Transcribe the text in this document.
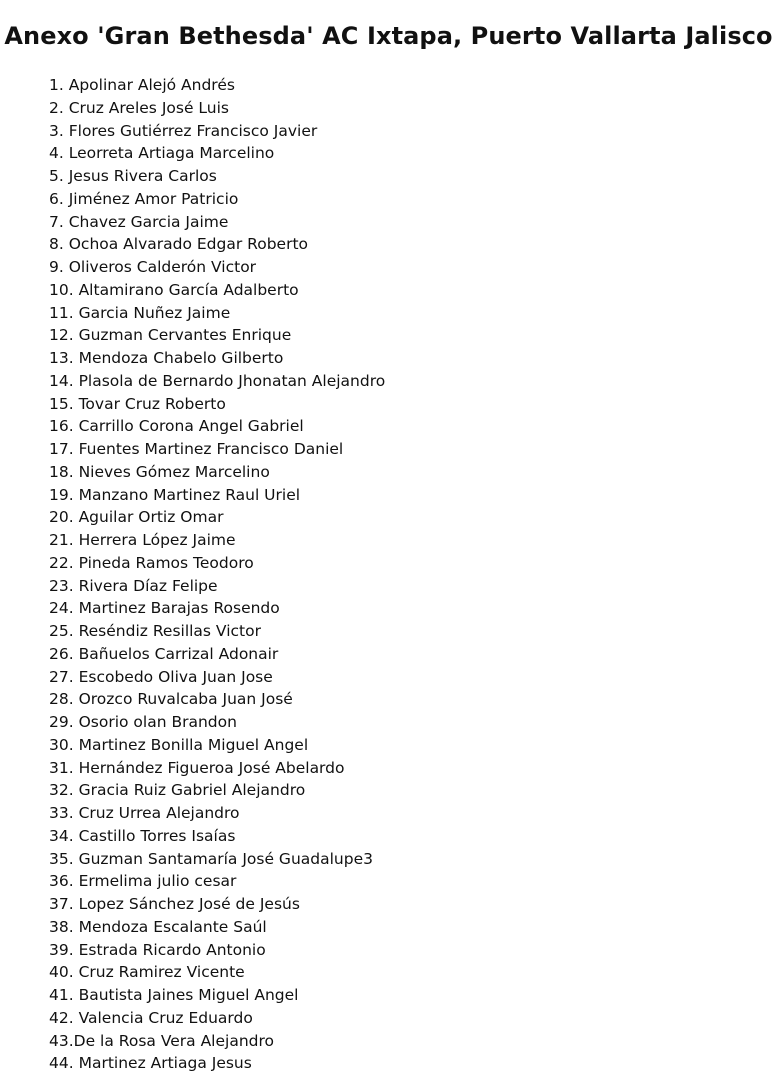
Anexo 'Gran Bethesda' AC Ixtapa, Puerto Vallarta Jalisco
1. Apolinar Alejó Andrés
2. Cruz Areles José Luis
3. Flores Gutiérrez Francisco Javier
4. Leorreta Artiaga Marcelino
5. Jesus Rivera Carlos
6. Jiménez Amor Patricio
7. Chavez Garcia Jaime
8. Ochoa Alvarado Edgar Roberto
9. Oliveros Calderón Victor
10. Altamirano García Adalberto
11. Garcia Nuñez Jaime
12. Guzman Cervantes Enrique
13. Mendoza Chabelo Gilberto
14. Plasola de Bernardo Jhonatan Alejandro
15. Tovar Cruz Roberto
16. Carrillo Corona Angel Gabriel
17. Fuentes Martinez Francisco Daniel
18. Nieves Gómez Marcelino
19. Manzano Martinez Raul Uriel
20. Aguilar Ortiz Omar
21. Herrera López Jaime
22. Pineda Ramos Teodoro
23. Rivera Díaz Felipe
24. Martinez Barajas Rosendo
25. Reséndiz Resillas Victor
26. Bañuelos Carrizal Adonair
27. Escobedo Oliva Juan Jose
28. Orozco Ruvalcaba Juan José
29. Osorio olan Brandon
30. Martinez Bonilla Miguel Angel
31. Hernández Figueroa José Abelardo
32. Gracia Ruiz Gabriel Alejandro
33. Cruz Urrea Alejandro
34. Castillo Torres Isaías
35. Guzman Santamaría José Guadalupe3
36. Ermelima julio cesar
37. Lopez Sánchez José de Jesús
38. Mendoza Escalante Saúl
39. Estrada Ricardo Antonio
40. Cruz Ramirez Vicente
41. Bautista Jaines Miguel Angel
42. Valencia Cruz Eduardo
43.De la Rosa Vera Alejandro
44. Martinez Artiaga Jesus
